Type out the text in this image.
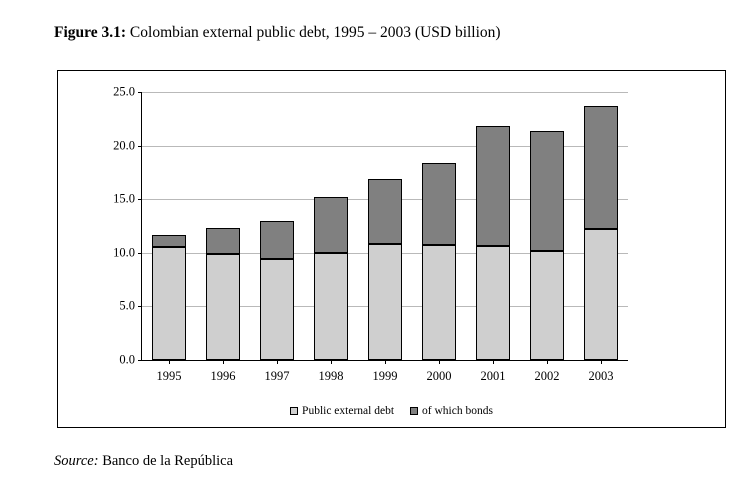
Figure 3.1: Colombian external public debt, 1995 – 2003 (USD billion)
0.0
5.0
10.0
15.0
20.0
25.0
1995 1996 1997 1998 1999 2000 2001 2002 2003
Public external debt of which bonds
Source: Banco de la República
